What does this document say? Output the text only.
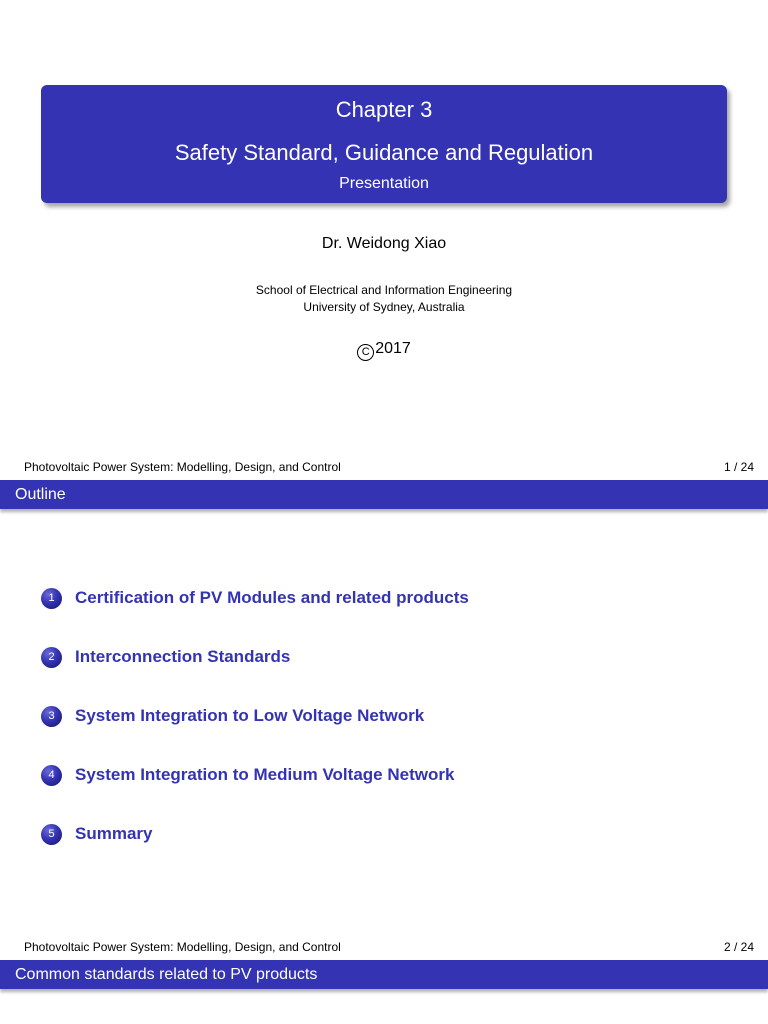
Chapter 3
Safety Standard, Guidance and Regulation
Presentation
Dr. Weidong Xiao
School of Electrical and Information Engineering
University of Sydney, Australia
C 2017
Photovoltaic Power System: Modelling, Design, and Control	1 / 24
Outline
1	Certification of PV Modules and related products
2	Interconnection Standards
3	System Integration to Low Voltage Network
4	System Integration to Medium Voltage Network
5	Summary
Photovoltaic Power System: Modelling, Design, and Control	2 / 24
Common standards related to PV products
